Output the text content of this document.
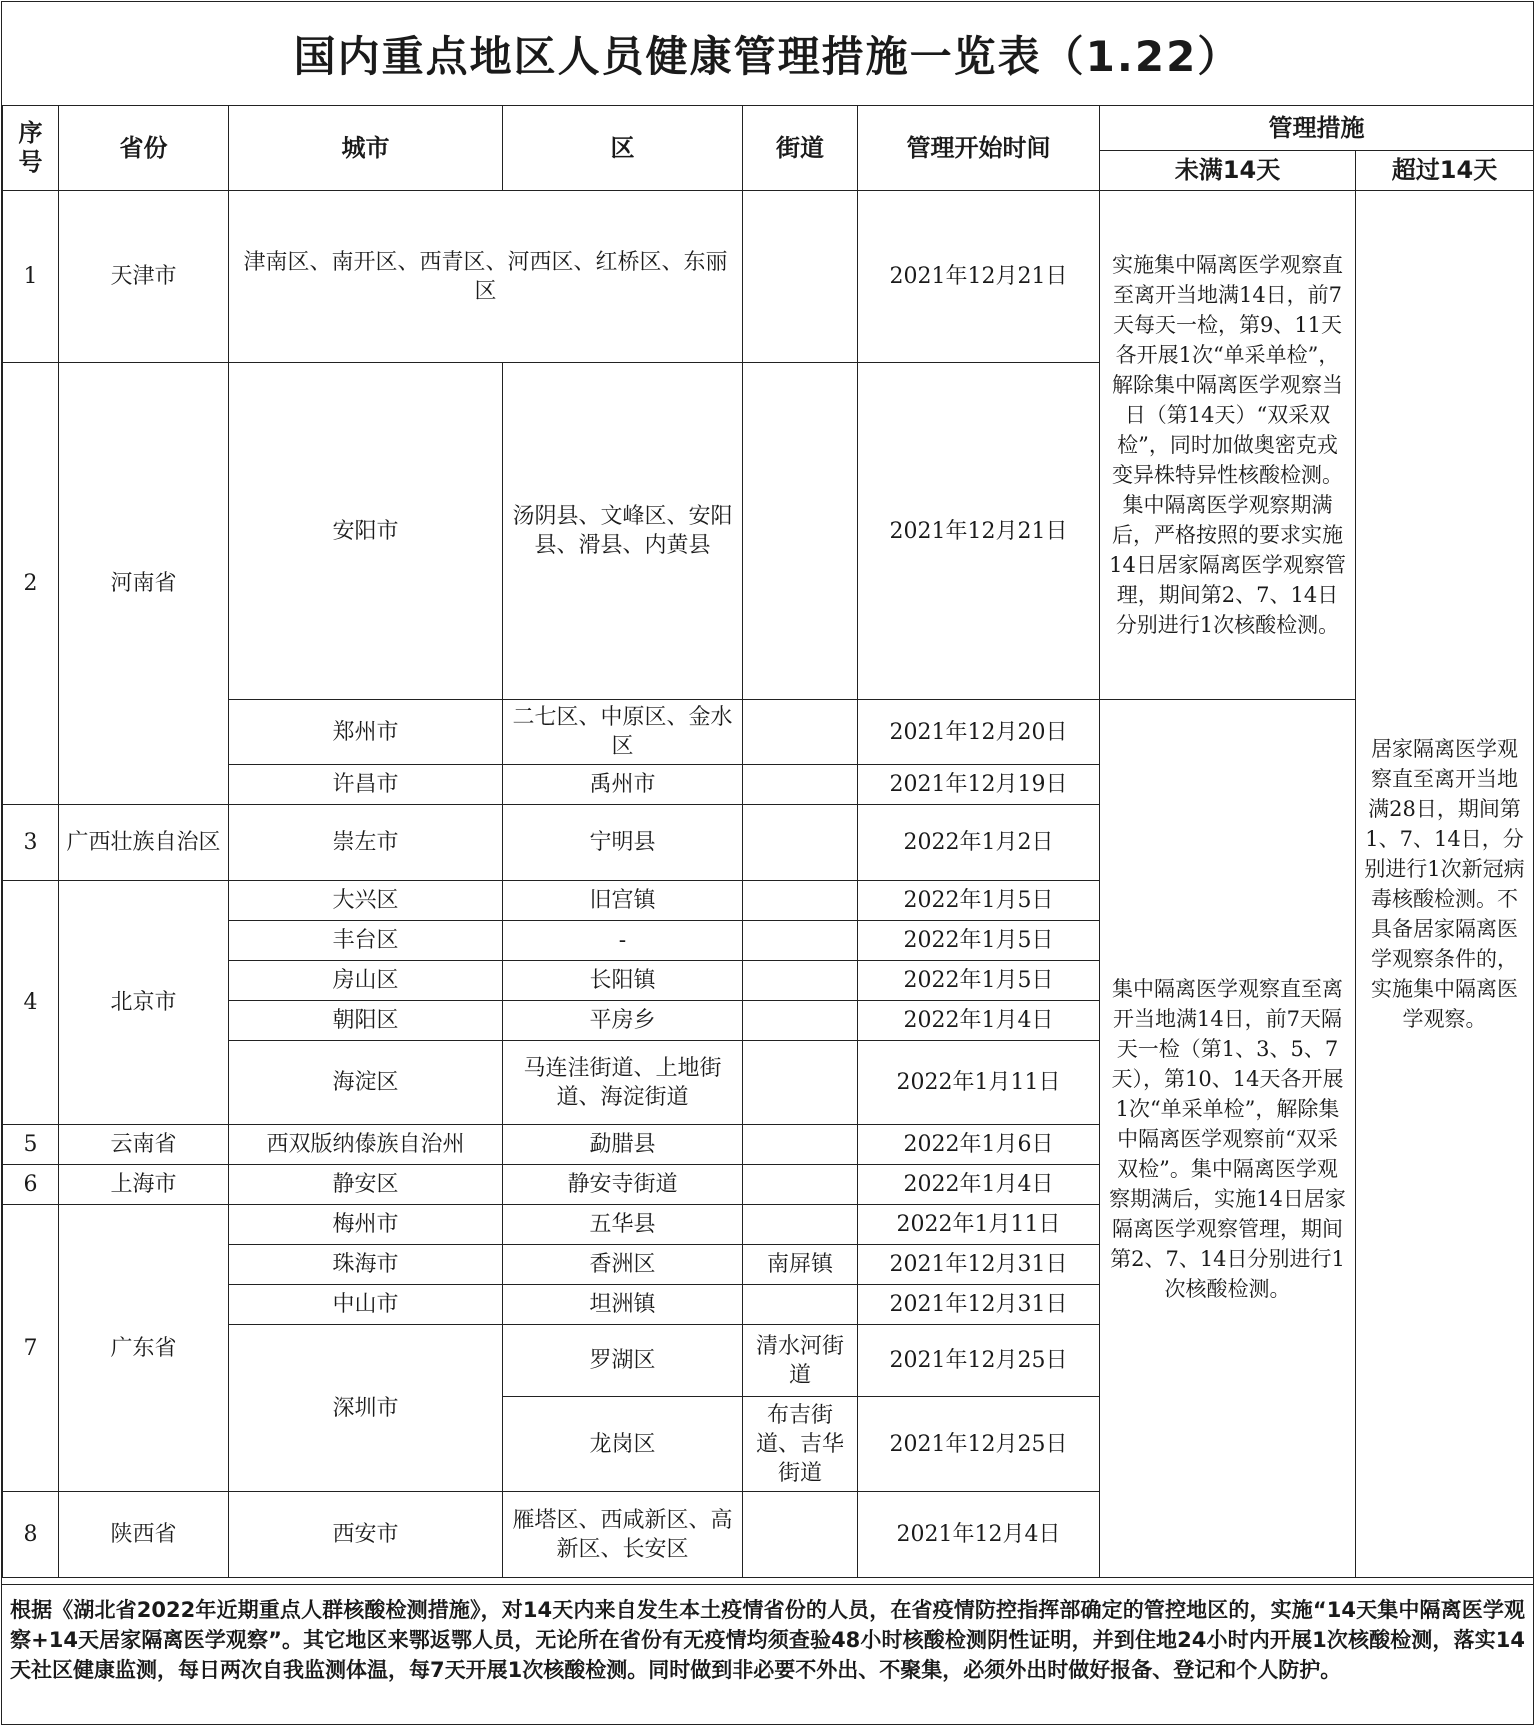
国内重点地区人员健康管理措施一览表（1.22）
序号	省份	城市	区	街道	管理开始时间	管理措施	
						未满14天	超过14天
1	天津市	津南区、南开区、西青区、河西区、红桥区、东丽区			2021年12月21日	实施集中隔离医学观察直至离开当地满14日，前7天每天一检，第9、11天各开展1次“单采单检”，解除集中隔离医学观察当日（第14天）“双采双检”，同时加做奥密克戎变异株特异性核酸检测。集中隔离医学观察期满后，严格按照的要求实施14日居家隔离医学观察管理，期间第2、7、14日分别进行1次核酸检测。	居家隔离医学观察直至离开当地满28日，期间第1、7、14日，分别进行1次新冠病毒核酸检测。不具备居家隔离医学观察条件的，实施集中隔离医学观察。
2	河南省	安阳市	汤阴县、文峰区、安阳县、滑县、内黄县		2021年12月21日		
		郑州市	二七区、中原区、金水区		2021年12月20日	集中隔离医学观察直至离开当地满14日，前7天隔天一检（第1、3、5、7天），第10、14天各开展1次“单采单检”，解除集中隔离医学观察前“双采双检”。集中隔离医学观察期满后，实施14日居家隔离医学观察管理，期间第2、7、14日分别进行1次核酸检测。	
		许昌市	禹州市		2021年12月19日		
3	广西壮族自治区	崇左市	宁明县		2022年1月2日		
4	北京市	大兴区	旧宫镇		2022年1月5日		
		丰台区	-		2022年1月5日		
		房山区	长阳镇		2022年1月5日		
		朝阳区	平房乡		2022年1月4日		
		海淀区	马连洼街道、上地街道、海淀街道		2022年1月11日		
5	云南省	西双版纳傣族自治州	勐腊县		2022年1月6日		
6	上海市	静安区	静安寺街道		2022年1月4日		
7	广东省	梅州市	五华县		2022年1月11日		
		珠海市	香洲区	南屏镇	2021年12月31日		
		中山市	坦洲镇		2021年12月31日		
		深圳市	罗湖区	清水河街道	2021年12月25日		
			龙岗区	布吉街道、吉华街道	2021年12月25日		
8	陕西省	西安市	雁塔区、西咸新区、高新区、长安区		2021年12月4日		
根据《湖北省2022年近期重点人群核酸检测措施》，对14天内来自发生本土疫情省份的人员，在省疫情防控指挥部确定的管控地区的，实施“14天集中隔离医学观察+14天居家隔离医学观察”。其它地区来鄂返鄂人员，无论所在省份有无疫情均须查验48小时核酸检测阴性证明，并到住地24小时内开展1次核酸检测，落实14天社区健康监测，每日两次自我监测体温，每7天开展1次核酸检测。同时做到非必要不外出、不聚集，必须外出时做好报备、登记和个人防护。
